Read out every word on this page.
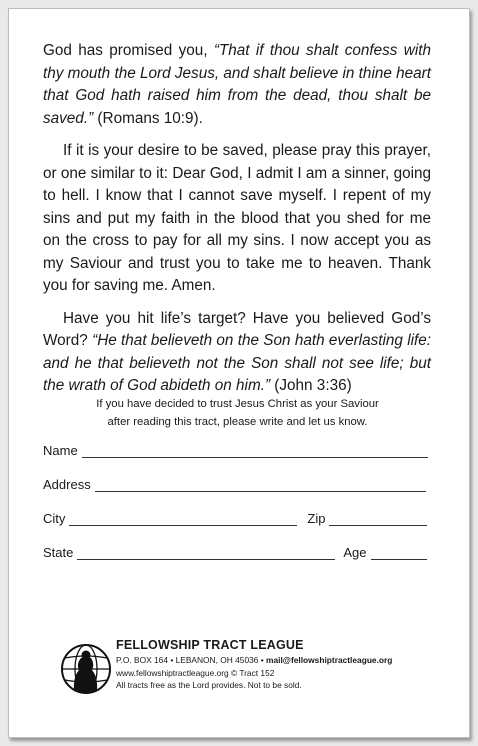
God has promised you, “That if thou shalt confess with thy mouth the Lord Jesus, and shalt believe in thine heart that God hath raised him from the dead, thou shalt be saved.” (Romans 10:9).

If it is your desire to be saved, please pray this prayer, or one similar to it: Dear God, I admit I am a sinner, going to hell. I know that I cannot save myself. I repent of my sins and put my faith in the blood that you shed for me on the cross to pay for all my sins. I now accept you as my Saviour and trust you to take me to heaven. Thank you for saving me. Amen.

Have you hit life’s target? Have you believed God’s Word? “He that believeth on the Son hath everlasting life: and he that believeth not the Son shall not see life; but the wrath of God abideth on him.” (John 3:36)

If you have decided to trust Jesus Christ as your Saviour
after reading this tract, please write and let us know.
Name
Address
City	Zip
State	Age
FELLOWSHIP TRACT LEAGUE
P.O. BOX 164 • LEBANON, OH 45036 • mail@fellowshiptractleague.org
www.fellowshiptractleague.org © Tract 152
All tracts free as the Lord provides. Not to be sold.
